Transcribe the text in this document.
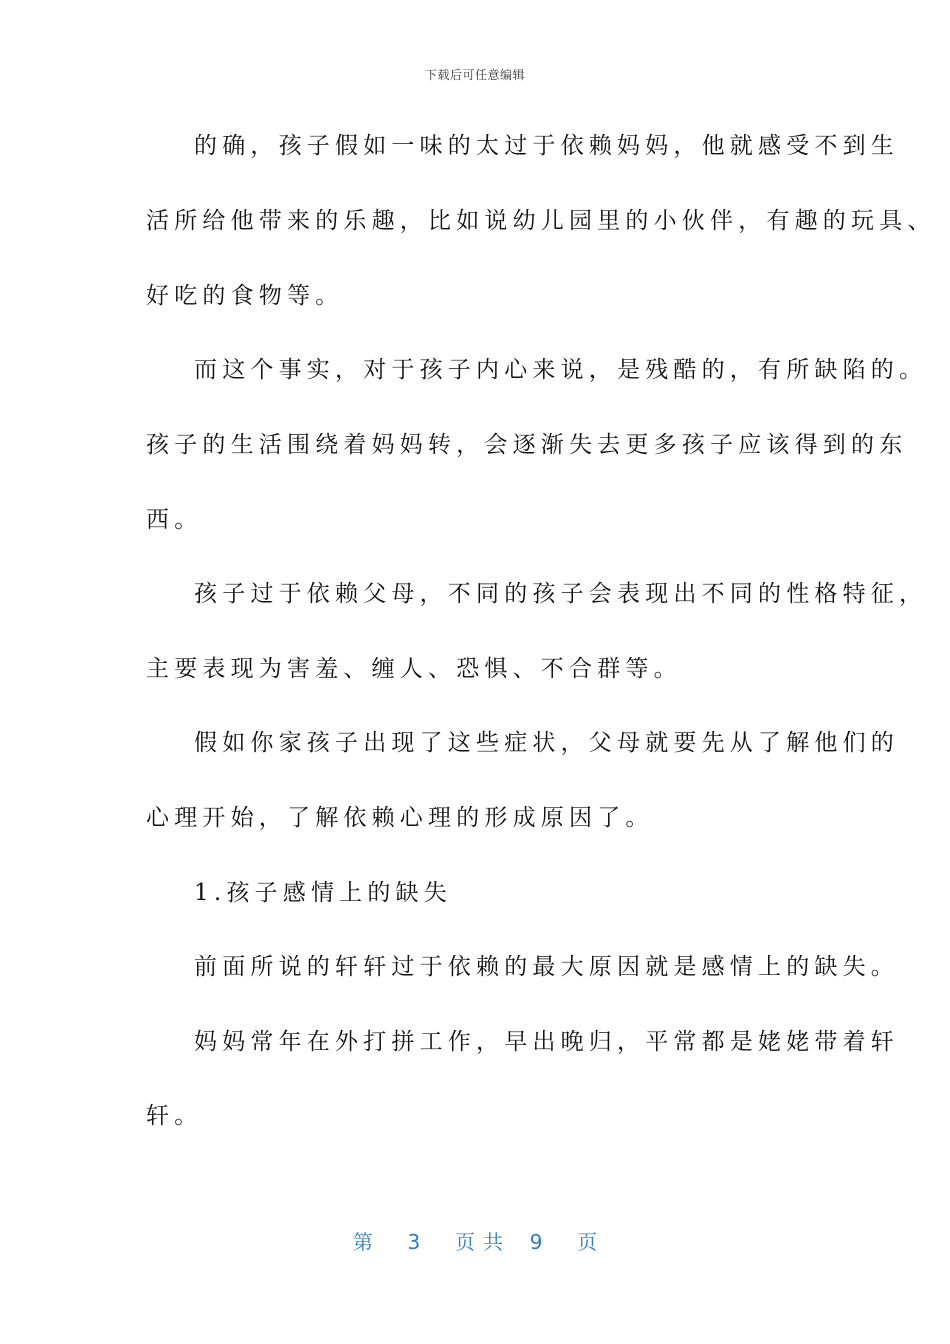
下载后可任意编辑

的确，孩子假如一味的太过于依赖妈妈，他就感受不到生

活所给他带来的乐趣，比如说幼儿园里的小伙伴，有趣的玩具、

好吃的食物等。

而这个事实，对于孩子内心来说，是残酷的，有所缺陷的。

孩子的生活围绕着妈妈转，会逐渐失去更多孩子应该得到的东

西。

孩子过于依赖父母，不同的孩子会表现出不同的性格特征，

主要表现为害羞、缠人、恐惧、不合群等。

假如你家孩子出现了这些症状，父母就要先从了解他们的

心理开始，了解依赖心理的形成原因了。

1.孩子感情上的缺失

前面所说的轩轩过于依赖的最大原因就是感情上的缺失。

妈妈常年在外打拼工作，早出晚归，平常都是姥姥带着轩

轩。

第 3 页共 9 页
